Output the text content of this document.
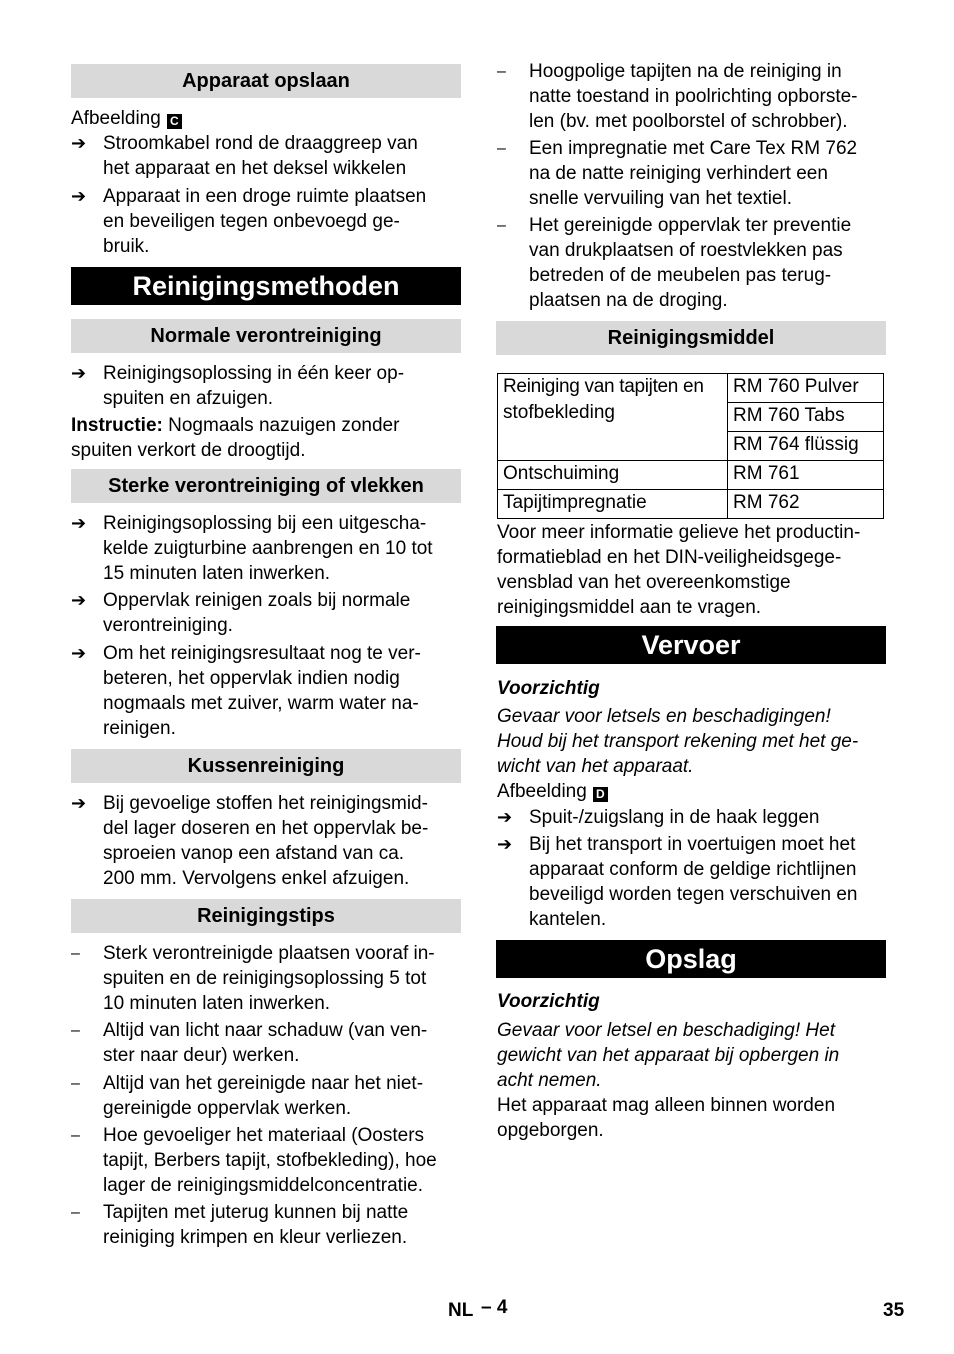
Apparaat opslaan
Afbeelding C
➔ Stroomkabel rond de draaggreep van
het apparaat en het deksel wikkelen
➔ Apparaat in een droge ruimte plaatsen
en beveiligen tegen onbevoegd ge-
bruik.
Reinigingsmethoden
Normale verontreiniging
➔ Reinigingsoplossing in één keer op-
spuiten en afzuigen.
Instructie: Nogmaals nazuigen zonder
spuiten verkort de droogtijd.
Sterke verontreiniging of vlekken
➔ Reinigingsoplossing bij een uitgescha-
kelde zuigturbine aanbrengen en 10 tot
15 minuten laten inwerken.
➔ Oppervlak reinigen zoals bij normale
verontreiniging.
➔ Om het reinigingsresultaat nog te ver-
beteren, het oppervlak indien nodig
nogmaals met zuiver, warm water na-
reinigen.
Kussenreiniging
➔ Bij gevoelige stoffen het reinigingsmid-
del lager doseren en het oppervlak be-
sproeien vanop een afstand van ca.
200 mm. Vervolgens enkel afzuigen.
Reinigingstips
–	Sterk verontreinigde plaatsen vooraf in-
spuiten en de reinigingsoplossing 5 tot
10 minuten laten inwerken.
–	Altijd van licht naar schaduw (van ven-
ster naar deur) werken.
–	Altijd van het gereinigde naar het niet-
gereinigde oppervlak werken.
–	Hoe gevoeliger het materiaal (Oosters
tapijt, Berbers tapijt, stofbekleding), hoe
lager de reinigingsmiddelconcentratie.
–	Tapijten met juterug kunnen bij natte
reiniging krimpen en kleur verliezen.
–	Hoogpolige tapijten na de reiniging in
natte toestand in poolrichting opborste-
len (bv. met poolborstel of schrobber).
–	Een impregnatie met Care Tex RM 762
na de natte reiniging verhindert een
snelle vervuiling van het textiel.
–	Het gereinigde oppervlak ter preventie
van drukplaatsen of roestvlekken pas
betreden of de meubelen pas terug-
plaatsen na de droging.
Reinigingsmiddel
Reiniging van tapijten en
stofbekleding	RM 760 Pulver
	RM 760 Tabs
	RM 764 flüssig
Ontschuiming	RM 761
Tapijtimpregnatie	RM 762
Voor meer informatie gelieve het productin-
formatieblad en het DIN-veiligheidsgege-
vensblad van het overeenkomstige
reinigingsmiddel aan te vragen.
Vervoer
Voorzichtig
Gevaar voor letsels en beschadigingen!
Houd bij het transport rekening met het ge-
wicht van het apparaat.
Afbeelding D
➔ Spuit-/zuigslang in de haak leggen
➔ Bij het transport in voertuigen moet het
apparaat conform de geldige richtlijnen
beveiligd worden tegen verschuiven en
kantelen.
Opslag
Voorzichtig
Gevaar voor letsel en beschadiging! Het
gewicht van het apparaat bij opbergen in
acht nemen.
Het apparaat mag alleen binnen worden
opgeborgen.
NL – 4	35
